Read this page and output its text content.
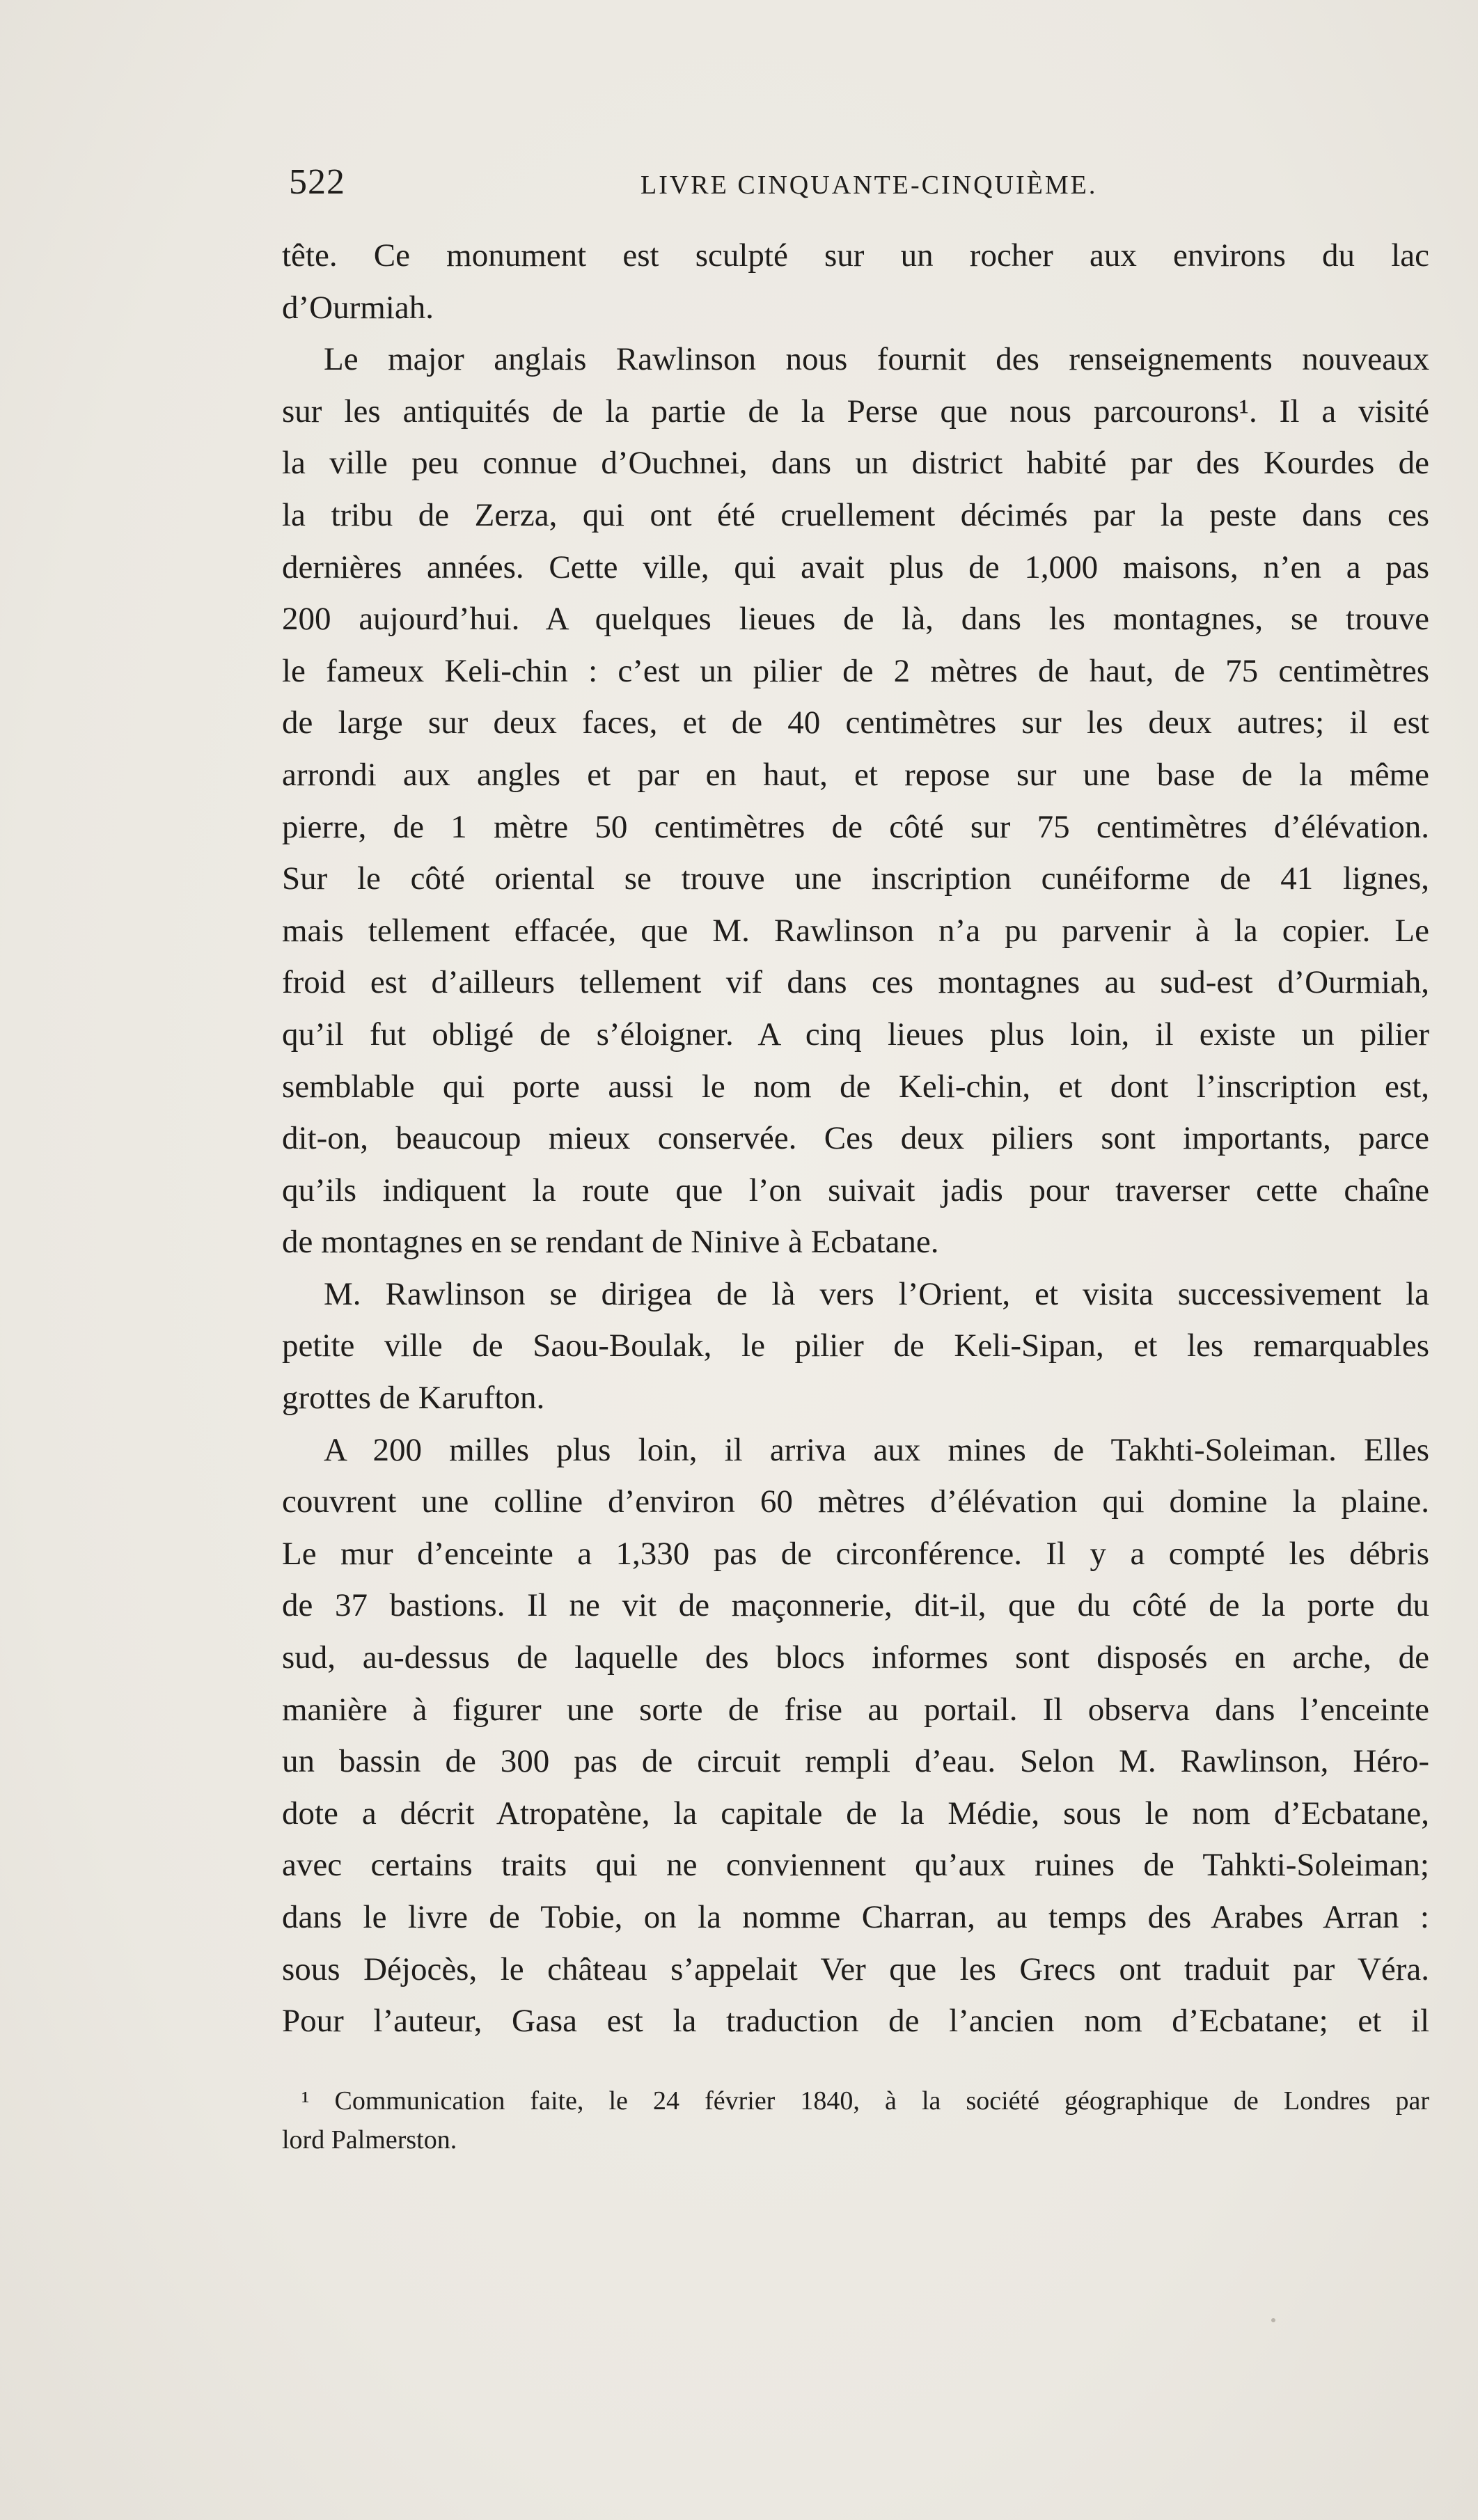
522	LIVRE CINQUANTE-CINQUIÈME.
tête. Ce monument est sculpté sur un rocher aux environs du lac
d’Ourmiah.
Le major anglais Rawlinson nous fournit des renseignements nouveaux
sur les antiquités de la partie de la Perse que nous parcourons¹. Il a visité
la ville peu connue d’Ouchnei, dans un district habité par des Kourdes de
la tribu de Zerza, qui ont été cruellement décimés par la peste dans ces
dernières années. Cette ville, qui avait plus de 1,000 maisons, n’en a pas
200 aujourd’hui. A quelques lieues de là, dans les montagnes, se trouve
le fameux Keli-chin : c’est un pilier de 2 mètres de haut, de 75 centimètres
de large sur deux faces, et de 40 centimètres sur les deux autres; il est
arrondi aux angles et par en haut, et repose sur une base de la même
pierre, de 1 mètre 50 centimètres de côté sur 75 centimètres d’élévation.
Sur le côté oriental se trouve une inscription cunéiforme de 41 lignes,
mais tellement effacée, que M. Rawlinson n’a pu parvenir à la copier. Le
froid est d’ailleurs tellement vif dans ces montagnes au sud-est d’Ourmiah,
qu’il fut obligé de s’éloigner. A cinq lieues plus loin, il existe un pilier
semblable qui porte aussi le nom de Keli-chin, et dont l’inscription est,
dit-on, beaucoup mieux conservée. Ces deux piliers sont importants, parce
qu’ils indiquent la route que l’on suivait jadis pour traverser cette chaîne
de montagnes en se rendant de Ninive à Ecbatane.
M. Rawlinson se dirigea de là vers l’Orient, et visita successivement la
petite ville de Saou-Boulak, le pilier de Keli-Sipan, et les remarquables
grottes de Karufton.
A 200 milles plus loin, il arriva aux mines de Takhti-Soleiman. Elles
couvrent une colline d’environ 60 mètres d’élévation qui domine la plaine.
Le mur d’enceinte a 1,330 pas de circonférence. Il y a compté les débris
de 37 bastions. Il ne vit de maçonnerie, dit-il, que du côté de la porte du
sud, au-dessus de laquelle des blocs informes sont disposés en arche, de
manière à figurer une sorte de frise au portail. Il observa dans l’enceinte
un bassin de 300 pas de circuit rempli d’eau. Selon M. Rawlinson, Héro-
dote a décrit Atropatène, la capitale de la Médie, sous le nom d’Ecbatane,
avec certains traits qui ne conviennent qu’aux ruines de Tahkti-Soleiman;
dans le livre de Tobie, on la nomme Charran, au temps des Arabes Arran :
sous Déjocès, le château s’appelait Ver que les Grecs ont traduit par Véra.
Pour l’auteur, Gasa est la traduction de l’ancien nom d’Ecbatane; et il
¹ Communication faite, le 24 février 1840, à la société géographique de Londres par
lord Palmerston.
